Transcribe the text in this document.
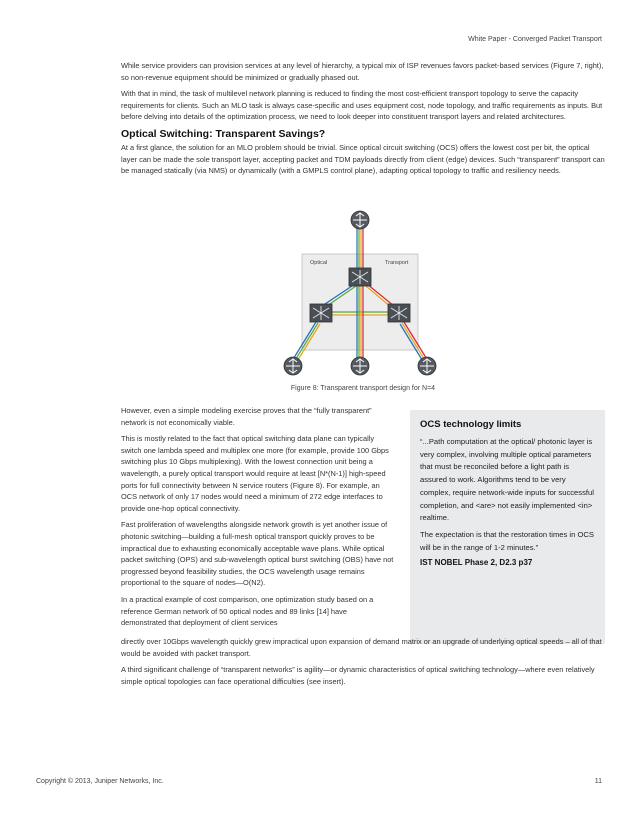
White Paper - Converged Packet Transport

While service providers can provision services at any level of hierarchy, a typical mix of ISP revenues favors packet-based services (Figure 7, right), so non-revenue equipment should be minimized or gradually phased out.

With that in mind, the task of multilevel network planning is reduced to finding the most cost-efficient transport topology to serve the capacity requirements for clients. Such an MLO task is always case-specific and uses equipment cost, node topology, and traffic requirements as inputs. But before delving into details of the optimization process, we need to look deeper into constituent transport layers and related architectures.

Optical Switching: Transparent Savings?

At a first glance, the solution for an MLO problem should be trivial. Since optical circuit switching (OCS) offers the lowest cost per bit, the optical layer can be made the sole transport layer, accepting packet and TDM payloads directly from client (edge) devices. Such “transparent” transport can be managed statically (via NMS) or dynamically (with a GMPLS control plane), adapting optical topology to traffic and resiliency needs.

Optical	Transport
Figure 8: Transparent transport design for N=4

However, even a simple modeling exercise proves that the “fully transparent” network is not economically viable.

This is mostly related to the fact that optical switching data plane can typically switch one lambda speed and multiplex one more (for example, provide 100 Gbps switching plus 10 Gbps multiplexing). With the lowest connection unit being a wavelength, a purely optical transport would require at least [N*(N-1)] high-speed ports for full connectivity between N service routers (Figure 8). For example, an OCS network of only 17 nodes would need a minimum of 272 edge interfaces to provide one-hop optical connectivity.

Fast proliferation of wavelengths alongside network growth is yet another issue of photonic switching—building a full-mesh optical transport quickly proves to be impractical due to exhausting economically acceptable wave plans. While optical packet switching (OPS) and sub-wavelength optical burst switching (OBS) have not progressed beyond feasibility studies, the OCS wavelength usage remains proportional to the square of nodes—O(N2).

In a practical example of cost comparison, one optimization study based on a reference German network of 50 optical nodes and 89 links [14] have demonstrated that deployment of client services

OCS technology limits

“...Path computation at the optical/ photonic layer is very complex, involving multiple optical parameters that must be reconciled before a light path is assured to work. Algorithms tend to be very complex, require network-wide inputs for successful completion, and <are> not easily implemented <in> realtime.

The expectation is that the restoration times in OCS will be in the range of 1-2 minutes.”

IST NOBEL Phase 2, D2.3 p37

directly over 10Gbps wavelength quickly grew impractical upon expansion of demand matrix or an upgrade of underlying optical speeds – all of that would be avoided with packet transport.

A third significant challenge of “transparent networks” is agility—or dynamic characteristics of optical switching technology—where even relatively simple optical topologies can face operational difficulties (see insert).

Copyright © 2013, Juniper Networks, Inc.	11
